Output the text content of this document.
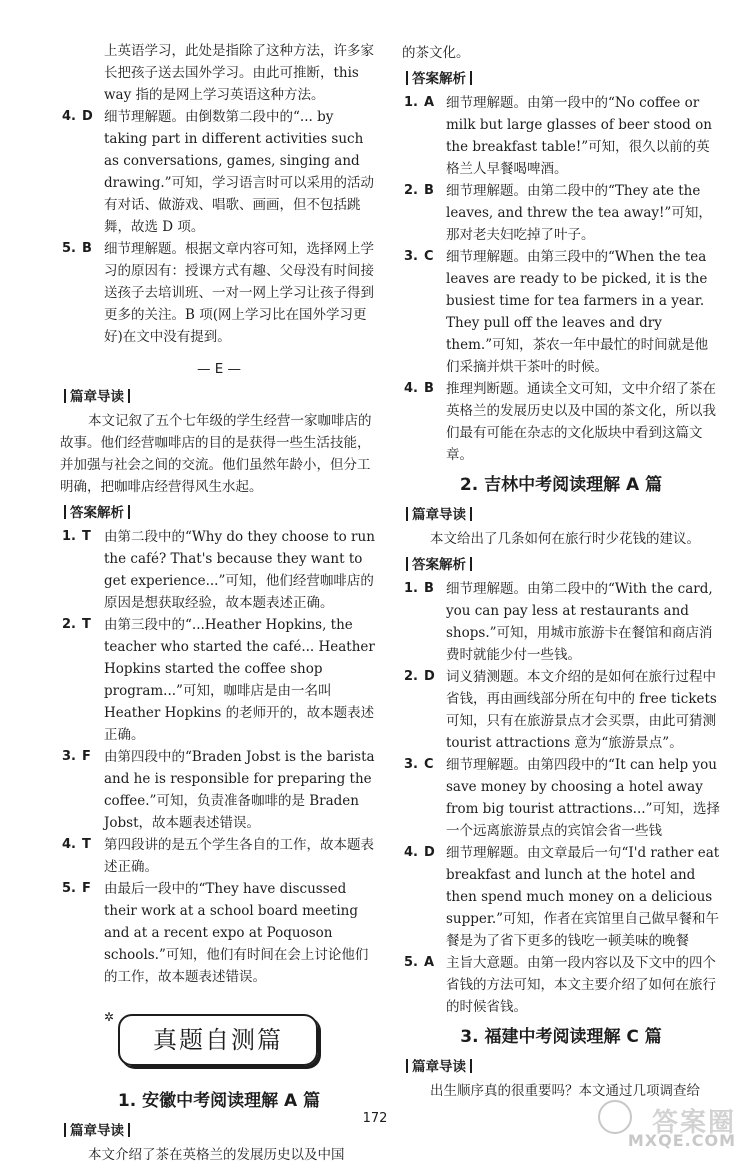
上英语学习，此处是指除了这种方法，许多家

长把孩子送去国外学习。由此可推断，this

way 指的是网上学习英语这种方法。

4. D 细节理解题。由倒数第二段中的“... by taking part in different activities such as conversations, games, singing and drawing.”可知，学习语言时可以采用的活动有对话、做游戏、唱歌、画画，但不包括跳舞，故选 D 项。

5. B 细节理解题。根据文章内容可知，选择网上学习的原因有：授课方式有趣、父母没有时间接送孩子去培训班、一对一网上学习让孩子得到更多的关注。B 项(网上学习比在国外学习更好)在文中没有提到。

— E —
篇章导读

本文记叙了五个七年级的学生经营一家咖啡店的故事。他们经营咖啡店的目的是获得一些生活技能，并加强与社会之间的交流。他们虽然年龄小，但分工明确，把咖啡店经营得风生水起。

答案解析
1. T 由第二段中的“Why do they choose to run the café? That's because they want to get experience...”可知，他们经营咖啡店的原因是想获取经验，故本题表述正确。

2. T 由第三段中的“...Heather Hopkins, the teacher who started the café... Heather Hopkins started the coffee shop program...”可知，咖啡店是由一名叫 Heather Hopkins 的老师开的，故本题表述正确。

3. F 由第四段中的“Braden Jobst is the barista and he is responsible for preparing the coffee.”可知，负责准备咖啡的是 Braden Jobst，故本题表述错误。

4. T 第四段讲的是五个学生各自的工作，故本题表述正确。

5. F 由最后一段中的“They have discussed their work at a school board meeting and at a recent expo at Poquoson schools.”可知，他们有时间在会上讨论他们的工作，故本题表述错误。

✲
真题自测篇
1. 安徽中考阅读理解 A 篇
篇章导读

本文介绍了茶在英格兰的发展历史以及中国

的茶文化。

答案解析
1. A 细节理解题。由第一段中的“No coffee or milk but large glasses of beer stood on the breakfast table!”可知，很久以前的英格兰人早餐喝啤酒。

2. B 细节理解题。由第二段中的“They ate the leaves, and threw the tea away!”可知，那对老夫妇吃掉了叶子。

3. C 细节理解题。由第三段中的“When the tea leaves are ready to be picked, it is the busiest time for tea farmers in a year. They pull off the leaves and dry them.”可知，茶农一年中最忙的时间就是他们采摘并烘干茶叶的时候。

4. B 推理判断题。通读全文可知，文中介绍了茶在英格兰的发展历史以及中国的茶文化，所以我们最有可能在杂志的文化版块中看到这篇文章。

2. 吉林中考阅读理解 A 篇
篇章导读

本文给出了几条如何在旅行时少花钱的建议。

答案解析
1. B 细节理解题。由第二段中的“With the card, you can pay less at restaurants and shops.”可知，用城市旅游卡在餐馆和商店消费时就能少付一些钱。

2. D 词义猜测题。本文介绍的是如何在旅行过程中省钱，再由画线部分所在句中的 free tickets 可知，只有在旅游景点才会买票，由此可猜测 tourist attractions 意为“旅游景点”。

3. C 细节理解题。由第四段中的“It can help you save money by choosing a hotel away from big tourist attractions...”可知，选择一个远离旅游景点的宾馆会省一些钱

4. D 细节理解题。由文章最后一句“I'd rather eat breakfast and lunch at the hotel and then spend much money on a delicious supper.”可知，作者在宾馆里自己做早餐和午餐是为了省下更多的钱吃一顿美味的晚餐

5. A 主旨大意题。由第一段内容以及下文中的四个省钱的方法可知，本文主要介绍了如何在旅行的时候省钱。

3. 福建中考阅读理解 C 篇
篇章导读

出生顺序真的很重要吗？本文通过几项调查给

172	答案圈
MXQE.COM
